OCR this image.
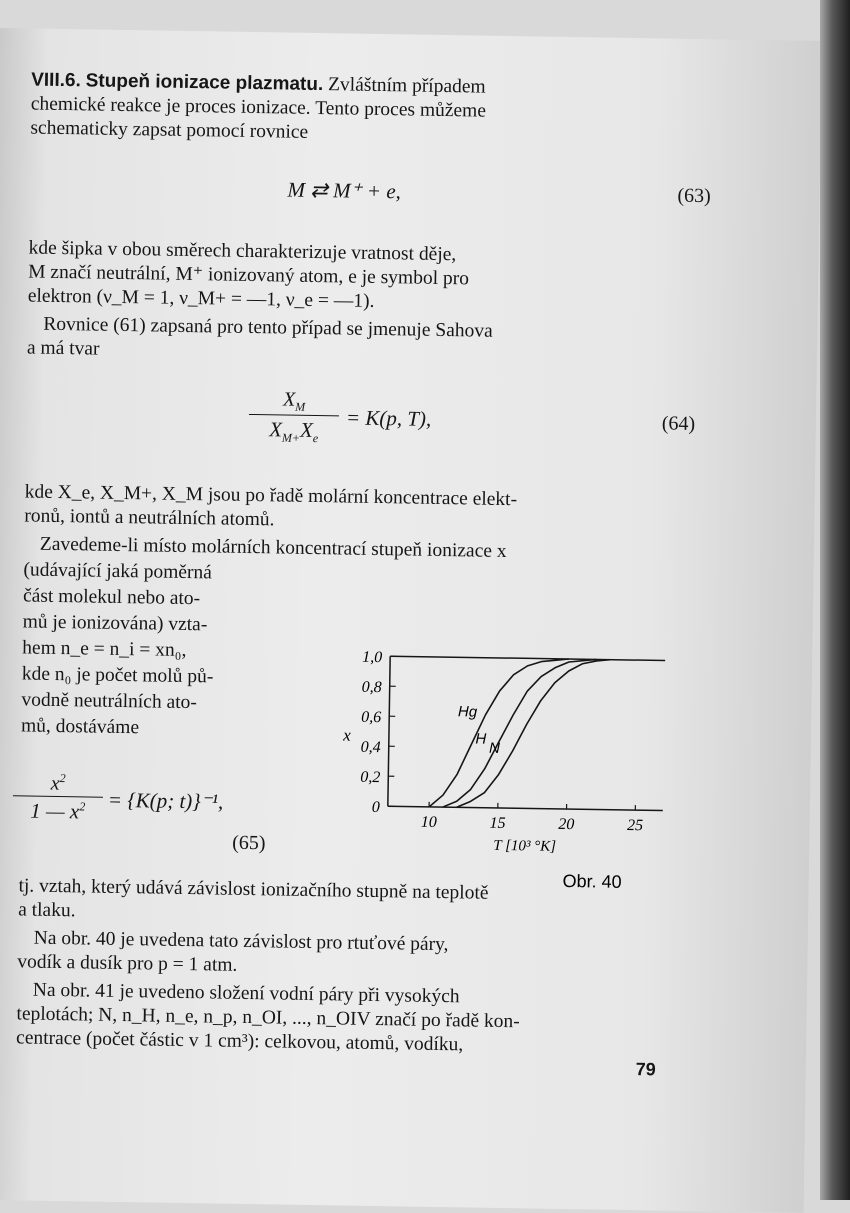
VIII.6. Stupeň ionizace plazmatu. Zvláštním případem
chemické reakce je proces ionizace. Tento proces můžeme
schematicky zapsat pomocí rovnice
M ⇄ M⁺ + e,	(63)
kde šipka v obou směrech charakterizuje vratnost děje,
M značí neutrální, M⁺ ionizovaný atom, e je symbol pro
elektron (ν_M = 1, ν_M+ = —1, ν_e = —1).
Rovnice (61) zapsaná pro tento případ se jmenuje Sahova
a má tvar
$\frac{X_M}{X_{M+}X_e} = K(p$, T),	(64)
kde X_e, X_M+, X_M jsou po řadě molární koncentrace elekt-
ronů, iontů a neutrálních atomů.
Zavedeme-li místo molárních koncentrací stupeň ionizace x
(udávající jaká poměrná
část molekul nebo ato-
mů je ionizována) vzta-
hem n_e = n_i = xn₀,
kde n₀ je počet molů pů-
vodně neutrálních ato-
mů, dostáváme
$\frac{x^2}{1 — x^2} = \{K(p$; t)}⁻¹,
(65)
0
0,2
0,4
0,6
0,8
1,0
10	15	20	25
T [10³ °K]
x
Obr. 40
Hg
H
N
tj. vztah, který udává závislost ionizačního stupně na teplotě
a tlaku.
Na obr. 40 je uvedena tato závislost pro rtuťové páry,
vodík a dusík pro p = 1 atm.
Na obr. 41 je uvedeno složení vodní páry při vysokých
teplotách; N, n_H, n_e, n_p, n_OI, ..., n_OIV značí po řadě kon-
centrace (počet částic v 1 cm³): celkovou, atomů, vodíku,
79
